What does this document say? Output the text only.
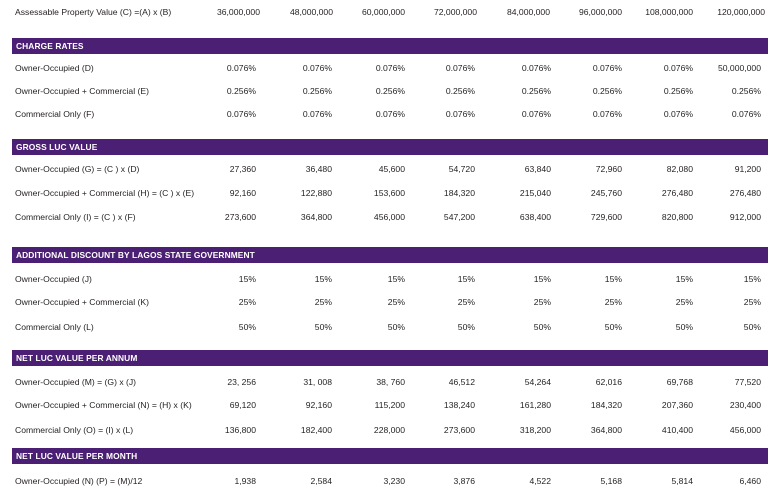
Assessable Property Value (C) =(A) x (B)	36,000,000	48,000,000	60,000,000	72,000,000	84,000,000	96,000,000	108,000,000	120,000,000
CHARGE RATES
Owner-Occupied (D)	0.076%	0.076%	0.076%	0.076%	0.076%	0.076%	0.076%	50,000,000
Owner-Occupied + Commercial (E)	0.256%	0.256%	0.256%	0.256%	0.256%	0.256%	0.256%	0.256%
Commercial Only (F)	0.076%	0.076%	0.076%	0.076%	0.076%	0.076%	0.076%	0.076%
GROSS LUC VALUE
Owner-Occupied (G) = (C ) x (D)	27,360	36,480	45,600	54,720	63,840	72,960	82,080	91,200
Owner-Occupied + Commercial (H) = (C ) x (E)	92,160	122,880	153,600	184,320	215,040	245,760	276,480	276,480
Commercial Only (I) = (C ) x (F)	273,600	364,800	456,000	547,200	638,400	729,600	820,800	912,000
ADDITIONAL DISCOUNT BY LAGOS STATE GOVERNMENT
Owner-Occupied (J)	15%	15%	15%	15%	15%	15%	15%	15%
Owner-Occupied + Commercial (K)	25%	25%	25%	25%	25%	25%	25%	25%
Commercial Only (L)	50%	50%	50%	50%	50%	50%	50%	50%
NET LUC VALUE PER ANNUM
Owner-Occupied (M) = (G) x (J)	23, 256	31, 008	38, 760	46,512	54,264	62,016	69,768	77,520
Owner-Occupied + Commercial (N) = (H) x (K)	69,120	92,160	115,200	138,240	161,280	184,320	207,360	230,400
Commercial Only (O) = (I) x (L)	136,800	182,400	228,000	273,600	318,200	364,800	410,400	456,000
NET LUC VALUE PER MONTH
Owner-Occupied (N) (P) = (M)/12	1,938	2,584	3,230	3,876	4,522	5,168	5,814	6,460
